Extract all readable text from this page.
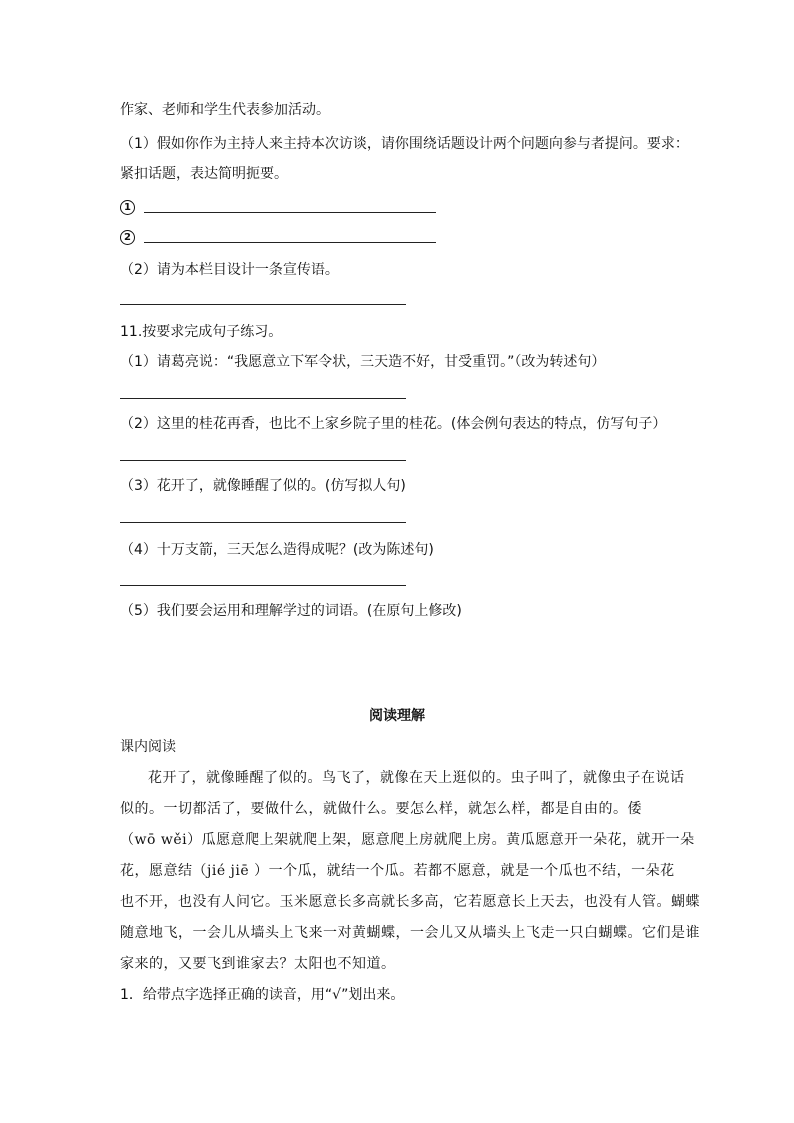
作家、老师和学生代表参加活动。
（1）假如你作为主持人来主持本次访谈，请你围绕话题设计两个问题向参与者提问。要求：
紧扣话题，表达简明扼要。
1
2
（2）请为本栏目设计一条宣传语。
11.按要求完成句子练习。
（1）请葛亮说：“我愿意立下军令状，三天造不好，甘受重罚。”（改为转述句）
（2）这里的桂花再香，也比不上家乡院子里的桂花。(体会例句表达的特点，仿写句子）
（3）花开了，就像睡醒了似的。(仿写拟人句)
（4）十万支箭，三天怎么造得成呢？(改为陈述句)
（5）我们要会运用和理解学过的词语。(在原句上修改)
阅读理解
课内阅读
花开了，就像睡醒了似的。鸟飞了，就像在天上逛似的。虫子叫了，就像虫子在说话
似的。一切都活了，要做什么，就做什么。要怎么样，就怎么样，都是自由的。倭
（wō wěi）瓜愿意爬上架就爬上架，愿意爬上房就爬上房。黄瓜愿意开一朵花，就开一朵
花，愿意结（jié jiē ）一个瓜，就结一个瓜。若都不愿意，就是一个瓜也不结，一朵花
也不开，也没有人问它。玉米愿意长多高就长多高，它若愿意长上天去，也没有人管。蝴蝶
随意地飞，一会儿从墙头上飞来一对黄蝴蝶，一会儿又从墙头上飞走一只白蝴蝶。它们是谁
家来的，又要飞到谁家去？太阳也不知道。
1．给带点字选择正确的读音，用“√”划出来。
